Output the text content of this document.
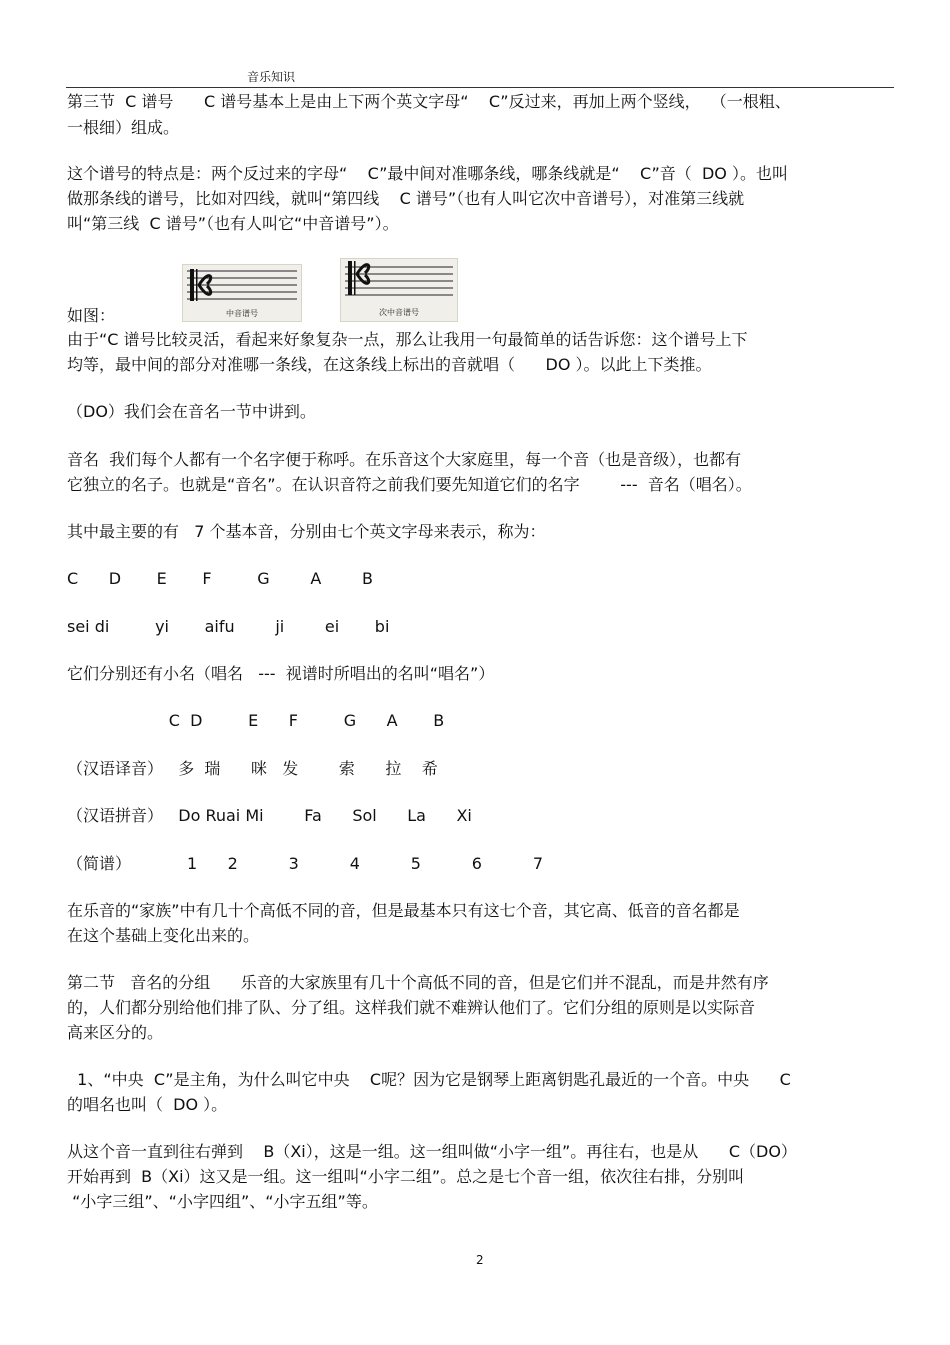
音乐知识
第三节  C 谱号      C 谱号基本上是由上下两个英文字母“    C”反过来，再加上两个竖线，  （一根粗、
一根细）组成。
这个谱号的特点是：两个反过来的字母“    C”最中间对准哪条线，哪条线就是“    C”音（  DO ）。也叫
做那条线的谱号，比如对四线，就叫“第四线    C 谱号”（也有人叫它次中音谱号），对准第三线就
叫“第三线  C 谱号”（也有人叫它“中音谱号”）。
中音谱号	次中音谱号
如图：
由于“C 谱号比较灵活，看起来好象复杂一点，那么让我用一句最简单的话告诉您：这个谱号上下
均等，最中间的部分对准哪一条线，在这条线上标出的音就唱（      DO ）。以此上下类推。
（DO）我们会在音名一节中讲到。
音名  我们每个人都有一个名字便于称呼。在乐音这个大家庭里，每一个音（也是音级），也都有
它独立的名子。也就是“音名”。在认识音符之前我们要先知道它们的名字        ---  音名（唱名）。
其中最主要的有   7 个基本音，分别由七个英文字母来表示，称为：
C      D       E       F         G        A        B
sei di         yi       aifu        ji        ei       bi
它们分别还有小名（唱名   ---  视谱时所唱出的名叫“唱名”）
C  D         E      F         G      A       B
（汉语译音）   多  瑞      咪   发        索      拉    希
（汉语拼音）   Do Ruai Mi        Fa      Sol      La      Xi
（简谱）           1      2          3          4          5          6          7
在乐音的“家族”中有几十个高低不同的音，但是最基本只有这七个音，其它高、低音的音名都是
在这个基础上变化出来的。
第二节   音名的分组      乐音的大家族里有几十个高低不同的音，但是它们并不混乱，而是井然有序
的，人们都分别给他们排了队、分了组。这样我们就不难辨认他们了。它们分组的原则是以实际音
高来区分的。
1、“中央  C”是主角，为什么叫它中央    C呢？因为它是钢琴上距离钥匙孔最近的一个音。中央      C
的唱名也叫（  DO ）。
从这个音一直到往右弹到    B（Xi），这是一组。这一组叫做“小字一组”。再往右，也是从      C（DO）
开始再到  B（Xi）这又是一组。这一组叫“小字二组”。总之是七个音一组，依次往右排，分别叫
“小字三组”、“小字四组”、“小字五组”等。
2
